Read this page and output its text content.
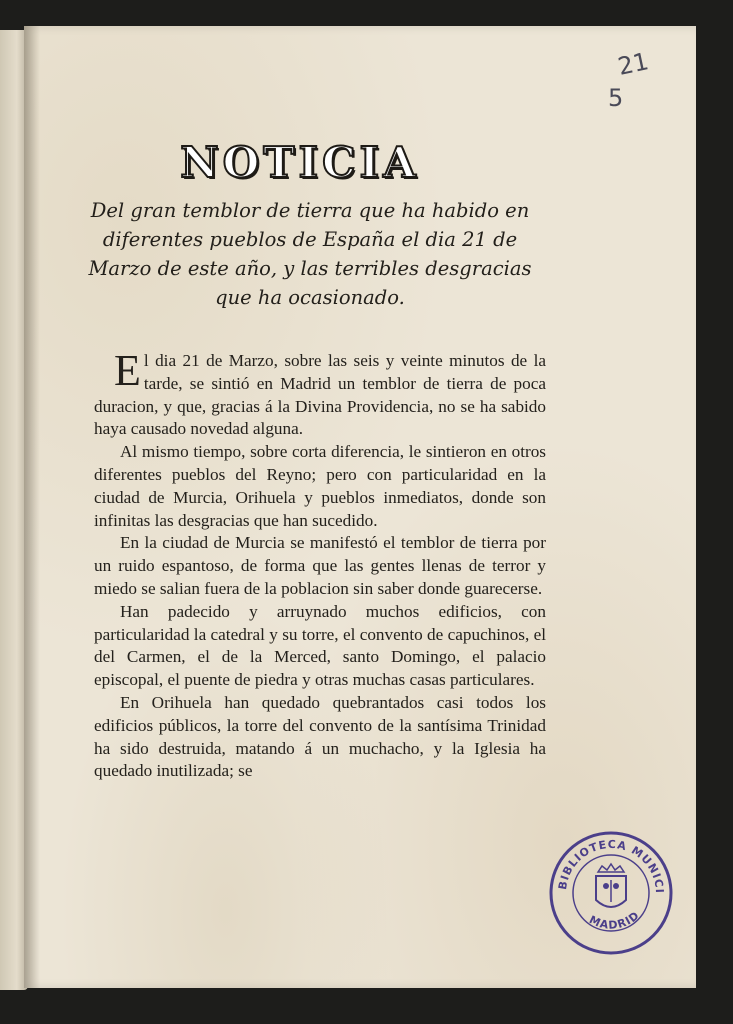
21
5
NOTICIA
Del gran temblor de tierra que ha habido en diferentes pueblos de España el dia 21 de Marzo de este año, y las terribles desgracias que ha ocasionado.

El dia 21 de Marzo, sobre las seis y veinte minutos de la tarde, se sintió en Madrid un temblor de tierra de poca duracion, y que, gracias á la Divina Providencia, no se ha sabido haya causado novedad alguna.

Al mismo tiempo, sobre corta diferencia, le sintieron en otros diferentes pueblos del Reyno; pero con particularidad en la ciudad de Murcia, Orihuela y pueblos inmediatos, donde son infinitas las desgracias que han sucedido.

En la ciudad de Murcia se manifestó el temblor de tierra por un ruido espantoso, de forma que las gentes llenas de terror y miedo se salian fuera de la poblacion sin saber donde guarecerse.

Han padecido y arruynado muchos edificios, con particularidad la catedral y su torre, el convento de capuchinos, el del Carmen, el de la Merced, santo Domingo, el palacio episcopal, el puente de piedra y otras muchas casas particulares.

En Orihuela han quedado quebrantados casi todos los edificios públicos, la torre del convento de la santísima Trinidad ha sido destruida, matando á un muchacho, y la Iglesia ha quedado inutilizada; se

BIBLIOTECA MUNICI
MADRID
